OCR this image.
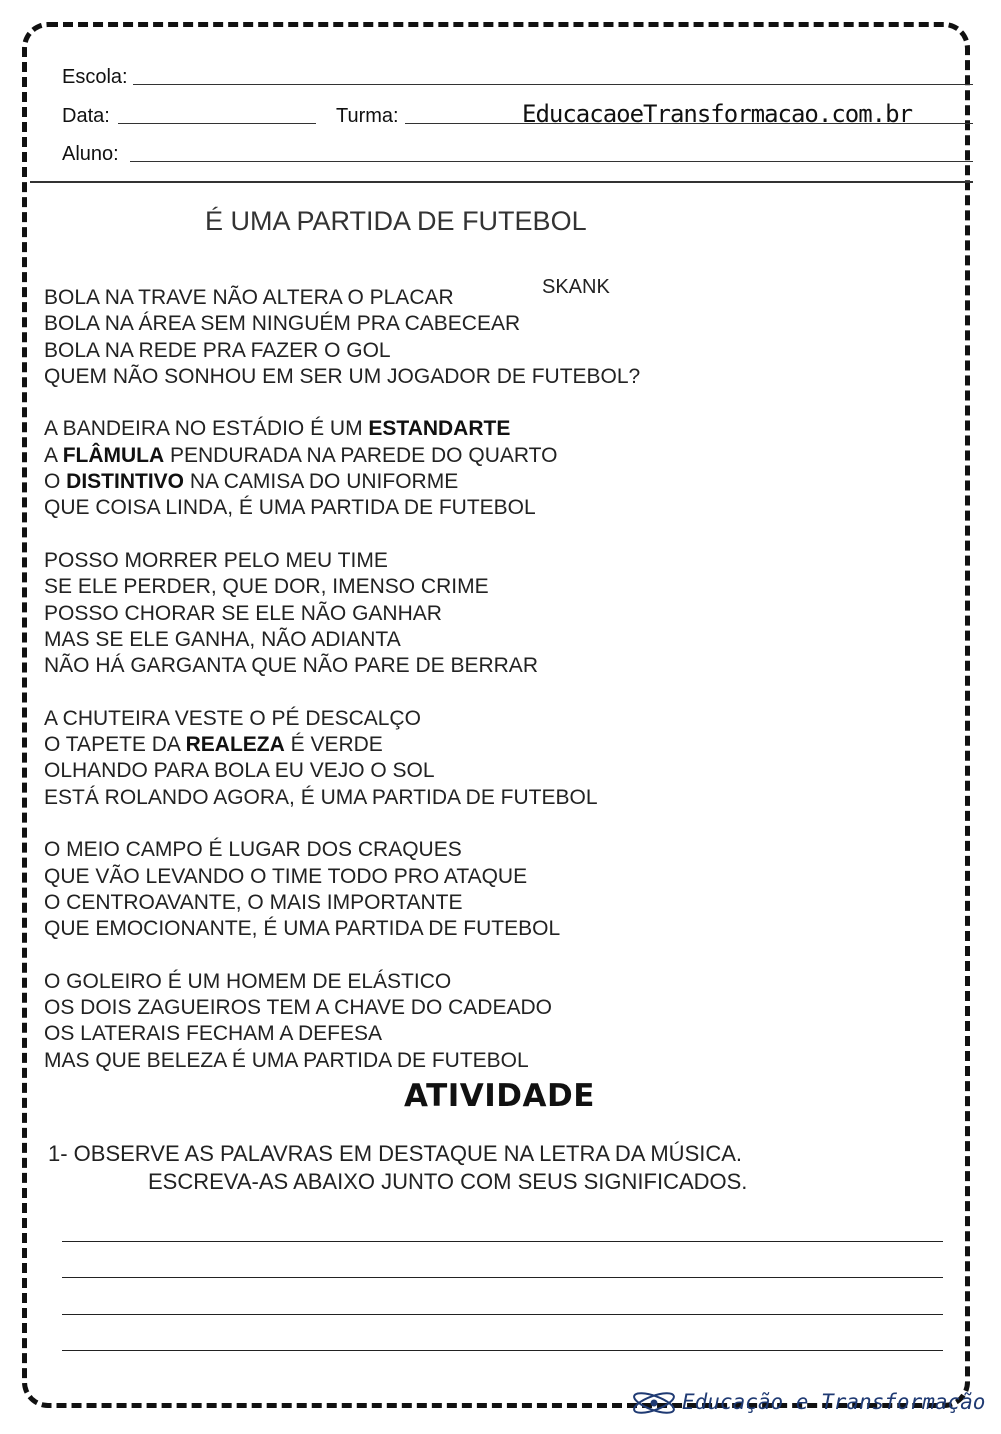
Escola:
Data:	Turma:	EducacaoeTransformacao.com.br
Aluno:
É UMA PARTIDA DE FUTEBOL
SKANK
BOLA NA TRAVE NÃO ALTERA O PLACAR
BOLA NA ÁREA SEM NINGUÉM PRA CABECEAR
BOLA NA REDE PRA FAZER O GOL
QUEM NÃO SONHOU EM SER UM JOGADOR DE FUTEBOL?
A BANDEIRA NO ESTÁDIO É UM ESTANDARTE
A FLÂMULA PENDURADA NA PAREDE DO QUARTO
O DISTINTIVO NA CAMISA DO UNIFORME
QUE COISA LINDA, É UMA PARTIDA DE FUTEBOL
POSSO MORRER PELO MEU TIME
SE ELE PERDER, QUE DOR, IMENSO CRIME
POSSO CHORAR SE ELE NÃO GANHAR
MAS SE ELE GANHA, NÃO ADIANTA
NÃO HÁ GARGANTA QUE NÃO PARE DE BERRAR
A CHUTEIRA VESTE O PÉ DESCALÇO
O TAPETE DA REALEZA É VERDE
OLHANDO PARA BOLA EU VEJO O SOL
ESTÁ ROLANDO AGORA, É UMA PARTIDA DE FUTEBOL
O MEIO CAMPO É LUGAR DOS CRAQUES
QUE VÃO LEVANDO O TIME TODO PRO ATAQUE
O CENTROAVANTE, O MAIS IMPORTANTE
QUE EMOCIONANTE, É UMA PARTIDA DE FUTEBOL
O GOLEIRO É UM HOMEM DE ELÁSTICO
OS DOIS ZAGUEIROS TEM A CHAVE DO CADEADO
OS LATERAIS FECHAM A DEFESA
MAS QUE BELEZA É UMA PARTIDA DE FUTEBOL
ATIVIDADE
1- OBSERVE AS PALAVRAS EM DESTAQUE NA LETRA DA MÚSICA.
ESCREVA-AS ABAIXO JUNTO COM SEUS SIGNIFICADOS.
Educação e Transformação
